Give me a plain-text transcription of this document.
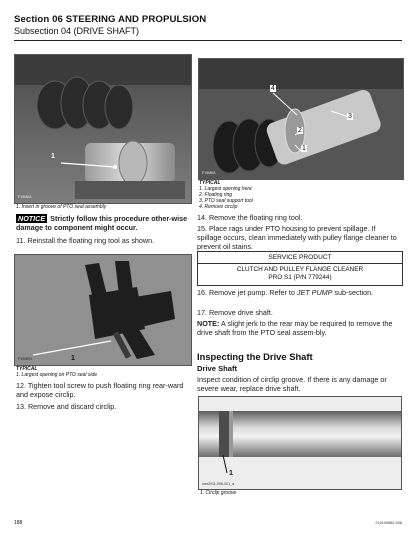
Section 06 STEERING AND PROPULSION
Subsection 04 (DRIVE SHAFT)
1
F19M0A
1. Insert in groove of PTO seal assembly
NOTICE Strictly follow this procedure other-wise damage to component might occur.
11. Reinstall the floating ring tool as shown.
1
F19M0N
TYPICAL
1. Largest opening on PTO seal side
12. Tighten tool screw to push floating ring rear-ward and expose circlip.
13. Remove and discard circlip.
4
2
3
1
F19M0A
TYPICAL
1. Largest opening here
2. Floating ring
3. PTO seal support tool
4. Remove circlip
14. Remove the floating ring tool.
15. Place rags under PTO housing to prevent spillage. If spillage occurs, clean immediately with pulley flange cleaner to prevent oil stains.
SERVICE PRODUCT
CLUTCH AND PULLEY FLANGE CLEANER
PRO S1 (P/N 779244)
16. Remove jet pump. Refer to JET PUMP sub-section.
17. Remove drive shaft.
NOTE: A slight jerk to the rear may be required to remove the drive shaft from the PTO seal assem-bly.
Inspecting the Drive Shaft
Drive Shaft
Inspect condition of circlip groove. If there is any damage or severe wear, replace drive shaft.
1
smr2011-096-001_a
1. Circlip groove
188	219100680-008
